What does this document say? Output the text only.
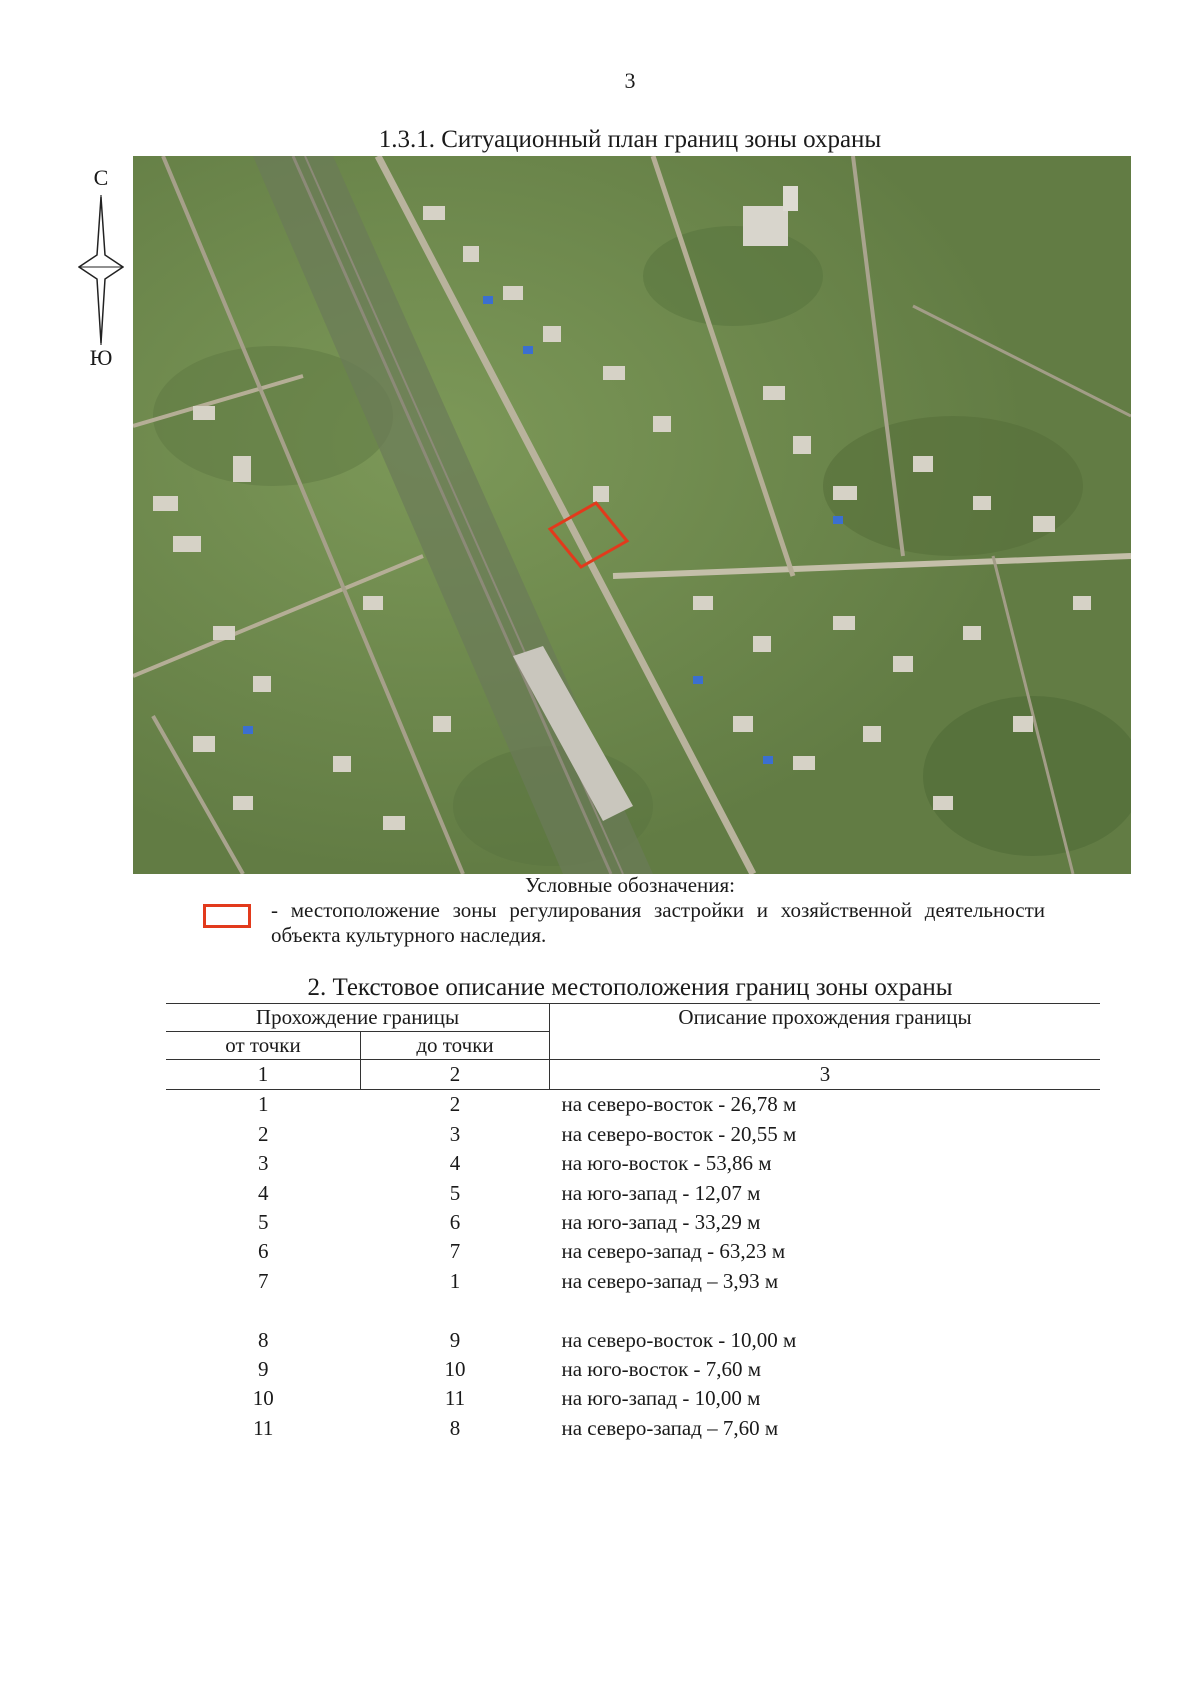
3
1.3.1. Ситуационный план границ зоны охраны
С
Ю
Условные обозначения:
- местоположение зоны регулирования застройки и хозяйственной деятельности объекта культурного наследия.
2. Текстовое описание местоположения границ зоны охраны
Прохождение границы		Описание прохождения границы
от точки	до точки	
1	2	3
1	2	на северо-восток - 26,78 м
2	3	на северо-восток - 20,55 м
3	4	на юго-восток - 53,86 м
4	5	на юго-запад - 12,07 м
5	6	на юго-запад - 33,29 м
6	7	на северо-запад - 63,23 м
7	1	на северо-запад – 3,93 м

8	9	на северо-восток - 10,00 м
9	10	на юго-восток - 7,60 м
10	11	на юго-запад - 10,00 м
11	8	на северо-запад – 7,60 м
